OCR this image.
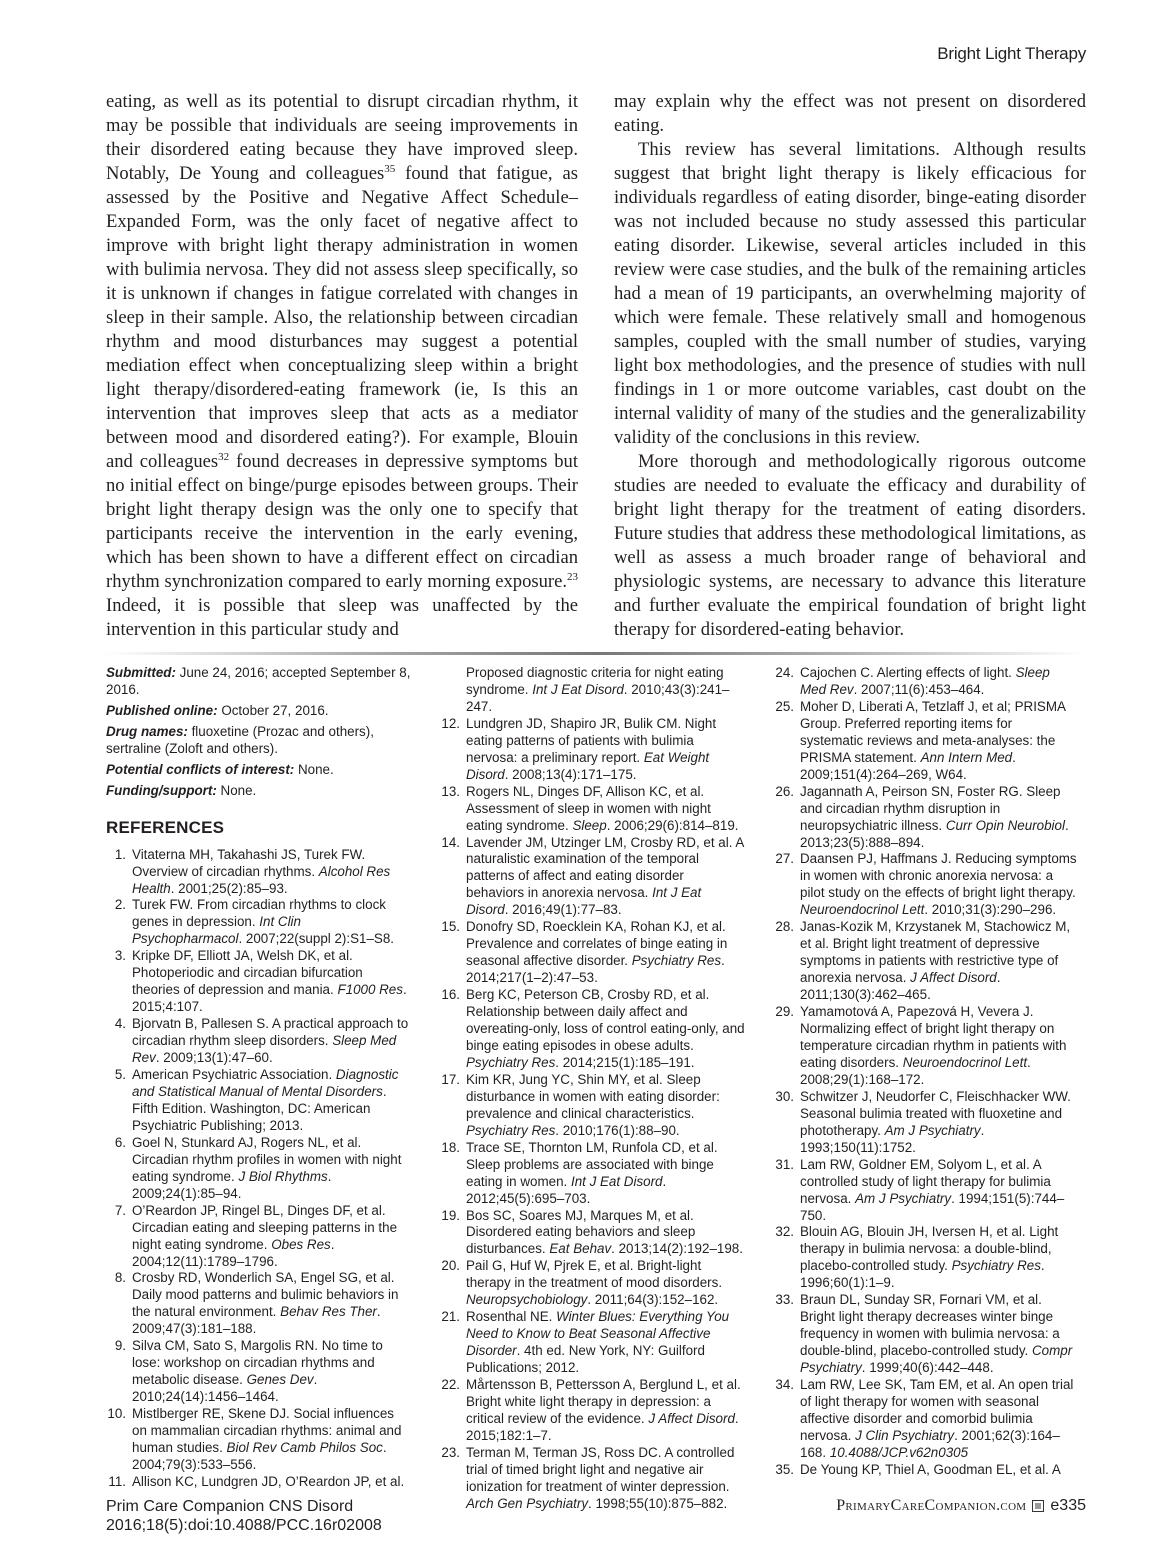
Bright Light Therapy

eating, as well as its potential to disrupt circadian rhythm, it may be possible that individuals are seeing improvements in their disordered eating because they have improved sleep. Notably, De Young and colleagues$^{35}$ found that fatigue, as assessed by the Positive and Negative Affect Schedule–Expanded Form, was the only facet of negative affect to improve with bright light therapy administration in women with bulimia nervosa. They did not assess sleep specifically, so it is unknown if changes in fatigue correlated with changes in sleep in their sample. Also, the relationship between circadian rhythm and mood disturbances may suggest a potential mediation effect when conceptualizing sleep within a bright light therapy/disordered-eating framework (ie, Is this an intervention that improves sleep that acts as a mediator between mood and disordered eating?). For example, Blouin and colleagues$^{32}$ found decreases in depressive symptoms but no initial effect on binge/purge episodes between groups. Their bright light therapy design was the only one to specify that participants receive the intervention in the early evening, which has been shown to have a different effect on circadian rhythm synchronization compared to early morning exposure.$^{23}$ Indeed, it is possible that sleep was unaffected by the intervention in this particular study and

may explain why the effect was not present on disordered eating.

This review has several limitations. Although results suggest that bright light therapy is likely efficacious for individuals regardless of eating disorder, binge-eating disorder was not included because no study assessed this particular eating disorder. Likewise, several articles included in this review were case studies, and the bulk of the remaining articles had a mean of 19 participants, an overwhelming majority of which were female. These relatively small and homogenous samples, coupled with the small number of studies, varying light box methodologies, and the presence of studies with null findings in 1 or more outcome variables, cast doubt on the internal validity of many of the studies and the generalizability validity of the conclusions in this review.

More thorough and methodologically rigorous outcome studies are needed to evaluate the efficacy and durability of bright light therapy for the treatment of eating disorders. Future studies that address these methodological limitations, as well as assess a much broader range of behavioral and physiologic systems, are necessary to advance this literature and further evaluate the empirical foundation of bright light therapy for disordered-eating behavior.

Submitted: June 24, 2016; accepted September 8, 2016.

Published online: October 27, 2016.

Drug names: fluoxetine (Prozac and others), sertraline (Zoloft and others).

Potential conflicts of interest: None.

Funding/support: None.

REFERENCES

1. Vitaterna MH, Takahashi JS, Turek FW. Overview of circadian rhythms. Alcohol Res Health. 2001;25(2):85–93.

2. Turek FW. From circadian rhythms to clock genes in depression. Int Clin Psychopharmacol. 2007;22(suppl 2):S1–S8.

3. Kripke DF, Elliott JA, Welsh DK, et al. Photoperiodic and circadian bifurcation theories of depression and mania. F1000 Res. 2015;4:107.

4. Bjorvatn B, Pallesen S. A practical approach to circadian rhythm sleep disorders. Sleep Med Rev. 2009;13(1):47–60.

5. American Psychiatric Association. Diagnostic and Statistical Manual of Mental Disorders. Fifth Edition. Washington, DC: American Psychiatric Publishing; 2013.

6. Goel N, Stunkard AJ, Rogers NL, et al. Circadian rhythm profiles in women with night eating syndrome. J Biol Rhythms. 2009;24(1):85–94.

7. O’Reardon JP, Ringel BL, Dinges DF, et al. Circadian eating and sleeping patterns in the night eating syndrome. Obes Res. 2004;12(11):1789–1796.

8. Crosby RD, Wonderlich SA, Engel SG, et al. Daily mood patterns and bulimic behaviors in the natural environment. Behav Res Ther. 2009;47(3):181–188.

9. Silva CM, Sato S, Margolis RN. No time to lose: workshop on circadian rhythms and metabolic disease. Genes Dev. 2010;24(14):1456–1464.

10. Mistlberger RE, Skene DJ. Social influences on mammalian circadian rhythms: animal and human studies. Biol Rev Camb Philos Soc. 2004;79(3):533–556.

11. Allison KC, Lundgren JD, O’Reardon JP, et al.

Proposed diagnostic criteria for night eating syndrome. Int J Eat Disord. 2010;43(3):241–247.

12. Lundgren JD, Shapiro JR, Bulik CM. Night eating patterns of patients with bulimia nervosa: a preliminary report. Eat Weight Disord. 2008;13(4):171–175.

13. Rogers NL, Dinges DF, Allison KC, et al. Assessment of sleep in women with night eating syndrome. Sleep. 2006;29(6):814–819.

14. Lavender JM, Utzinger LM, Crosby RD, et al. A naturalistic examination of the temporal patterns of affect and eating disorder behaviors in anorexia nervosa. Int J Eat Disord. 2016;49(1):77–83.

15. Donofry SD, Roecklein KA, Rohan KJ, et al. Prevalence and correlates of binge eating in seasonal affective disorder. Psychiatry Res. 2014;217(1–2):47–53.

16. Berg KC, Peterson CB, Crosby RD, et al. Relationship between daily affect and overeating-only, loss of control eating-only, and binge eating episodes in obese adults. Psychiatry Res. 2014;215(1):185–191.

17. Kim KR, Jung YC, Shin MY, et al. Sleep disturbance in women with eating disorder: prevalence and clinical characteristics. Psychiatry Res. 2010;176(1):88–90.

18. Trace SE, Thornton LM, Runfola CD, et al. Sleep problems are associated with binge eating in women. Int J Eat Disord. 2012;45(5):695–703.

19. Bos SC, Soares MJ, Marques M, et al. Disordered eating behaviors and sleep disturbances. Eat Behav. 2013;14(2):192–198.

20. Pail G, Huf W, Pjrek E, et al. Bright-light therapy in the treatment of mood disorders. Neuropsychobiology. 2011;64(3):152–162.

21. Rosenthal NE. Winter Blues: Everything You Need to Know to Beat Seasonal Affective Disorder. 4th ed. New York, NY: Guilford Publications; 2012.

22. Mårtensson B, Pettersson A, Berglund L, et al. Bright white light therapy in depression: a critical review of the evidence. J Affect Disord. 2015;182:1–7.

23. Terman M, Terman JS, Ross DC. A controlled trial of timed bright light and negative air ionization for treatment of winter depression. Arch Gen Psychiatry. 1998;55(10):875–882.

24. Cajochen C. Alerting effects of light. Sleep Med Rev. 2007;11(6):453–464.

25. Moher D, Liberati A, Tetzlaff J, et al; PRISMA Group. Preferred reporting items for systematic reviews and meta-analyses: the PRISMA statement. Ann Intern Med. 2009;151(4):264–269, W64.

26. Jagannath A, Peirson SN, Foster RG. Sleep and circadian rhythm disruption in neuropsychiatric illness. Curr Opin Neurobiol. 2013;23(5):888–894.

27. Daansen PJ, Haffmans J. Reducing symptoms in women with chronic anorexia nervosa: a pilot study on the effects of bright light therapy. Neuroendocrinol Lett. 2010;31(3):290–296.

28. Janas-Kozik M, Krzystanek M, Stachowicz M, et al. Bright light treatment of depressive symptoms in patients with restrictive type of anorexia nervosa. J Affect Disord. 2011;130(3):462–465.

29. Yamamotová A, Papezová H, Vevera J. Normalizing effect of bright light therapy on temperature circadian rhythm in patients with eating disorders. Neuroendocrinol Lett. 2008;29(1):168–172.

30. Schwitzer J, Neudorfer C, Fleischhacker WW. Seasonal bulimia treated with fluoxetine and phototherapy. Am J Psychiatry. 1993;150(11):1752.

31. Lam RW, Goldner EM, Solyom L, et al. A controlled study of light therapy for bulimia nervosa. Am J Psychiatry. 1994;151(5):744–750.

32. Blouin AG, Blouin JH, Iversen H, et al. Light therapy in bulimia nervosa: a double-blind, placebo-controlled study. Psychiatry Res. 1996;60(1):1–9.

33. Braun DL, Sunday SR, Fornari VM, et al. Bright light therapy decreases winter binge frequency in women with bulimia nervosa: a double-blind, placebo-controlled study. Compr Psychiatry. 1999;40(6):442–448.

34. Lam RW, Lee SK, Tam EM, et al. An open trial of light therapy for women with seasonal affective disorder and comorbid bulimia nervosa. J Clin Psychiatry. 2001;62(3):164–168. 10.4088/JCP.v62n0305

35. De Young KP, Thiel A, Goodman EL, et al. A

Prim Care Companion CNS Disord
2016;18(5):doi:10.4088/PCC.16r02008
PrimaryCareCompanion.com e335
